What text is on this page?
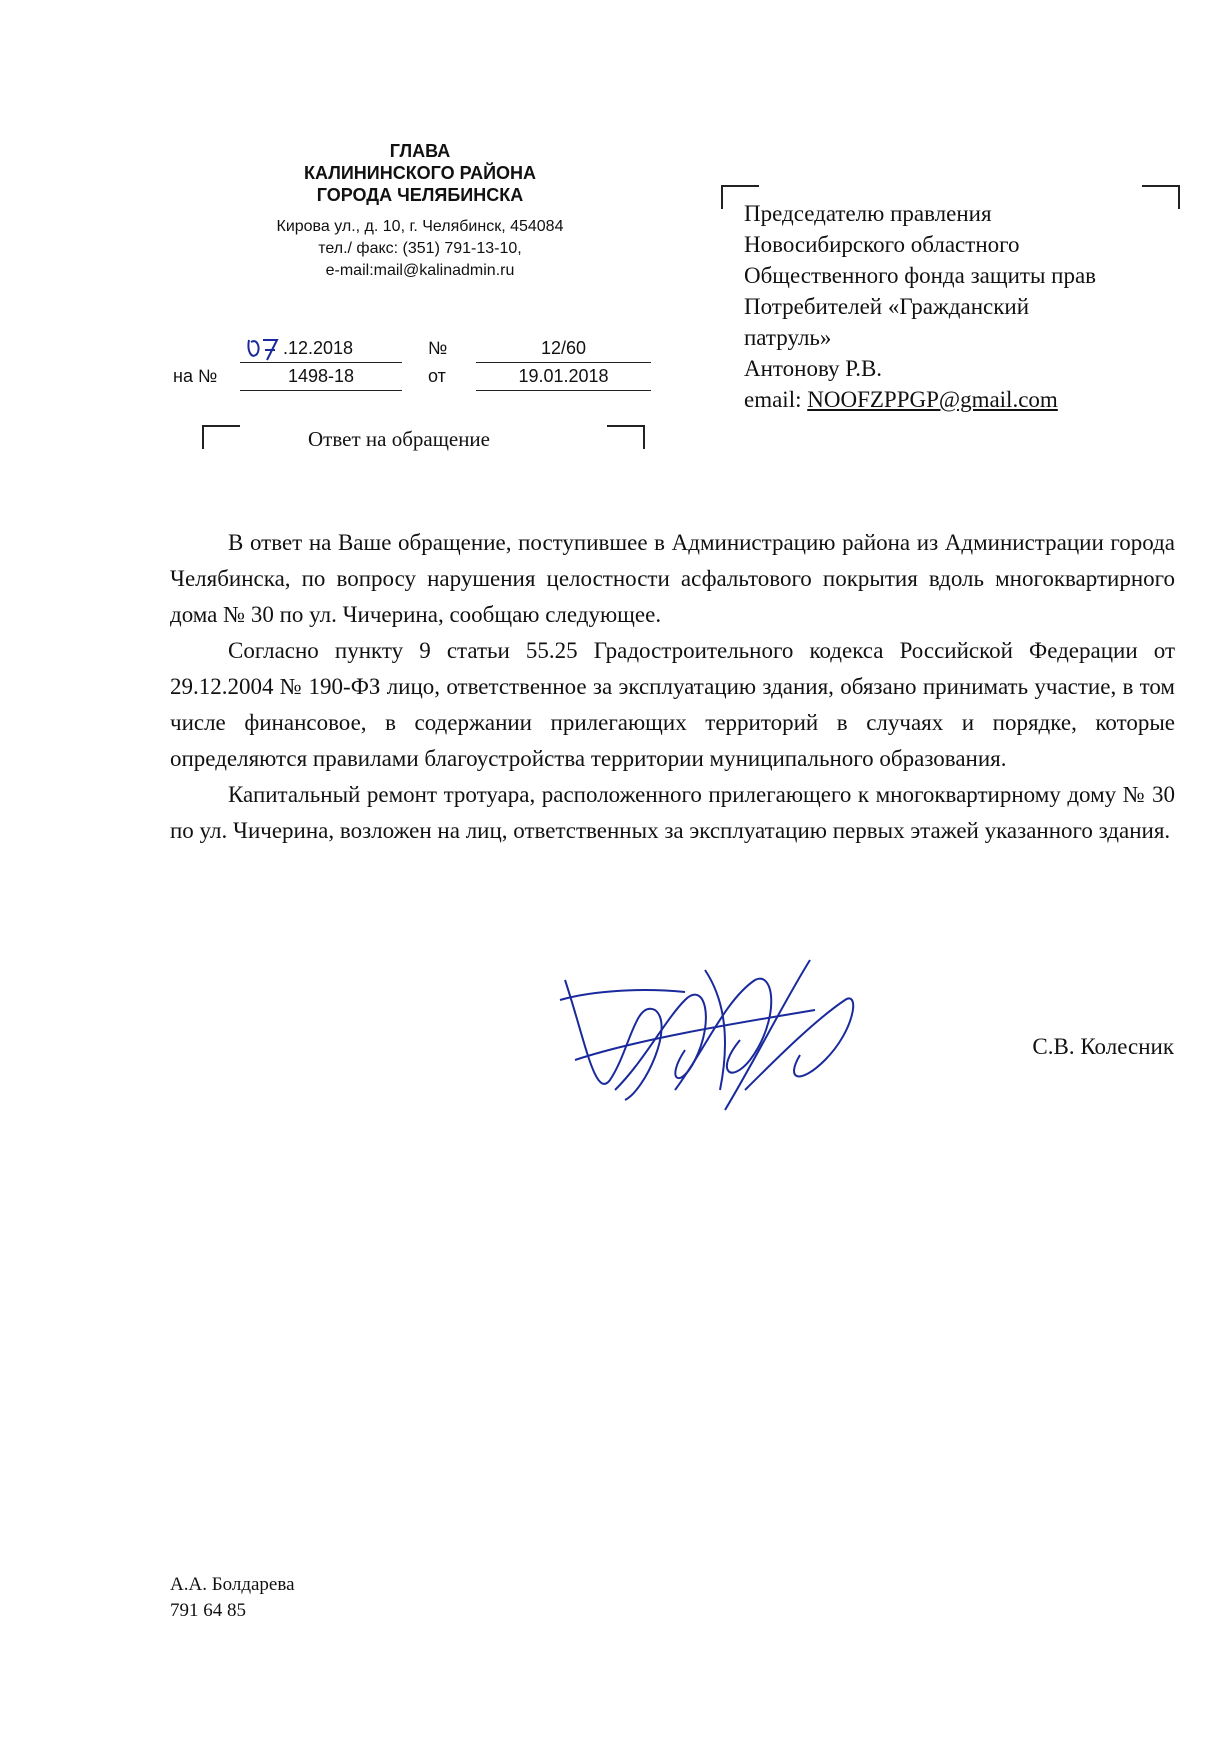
ГЛАВА
КАЛИНИНСКОГО РАЙОНА
ГОРОДА ЧЕЛЯБИНСКА
Кирова ул., д. 10, г. Челябинск, 454084
тел./ факс: (351) 791-13-10,
e-mail:mail@kalinadmin.ru
.12.2018	№	12/60
на №	1498-18	от	19.01.2018
Ответ на обращение
Председателю правления
Новосибирского областного
Общественного фонда защиты прав
Потребителей «Гражданский
патруль»
Антонову Р.В.
email: NOOFZPPGP@gmail.com

В ответ на Ваше обращение, поступившее в Администрацию района из Администрации города Челябинска, по вопросу нарушения целостности асфальтового покрытия вдоль многоквартирного дома № 30 по ул. Чичерина, сообщаю следующее.

Согласно пункту 9 статьи 55.25 Градостроительного кодекса Российской Федерации от 29.12.2004 № 190-ФЗ лицо, ответственное за эксплуатацию здания, обязано принимать участие, в том числе финансовое, в содержании прилегающих территорий в случаях и порядке, которые определяются правилами благоустройства территории муниципального образования.

Капитальный ремонт тротуара, расположенного прилегающего к многоквартирному дому № 30 по ул. Чичерина, возложен на лиц, ответственных за эксплуатацию первых этажей указанного здания.

С.В. Колесник
А.А. Болдарева
791 64 85
